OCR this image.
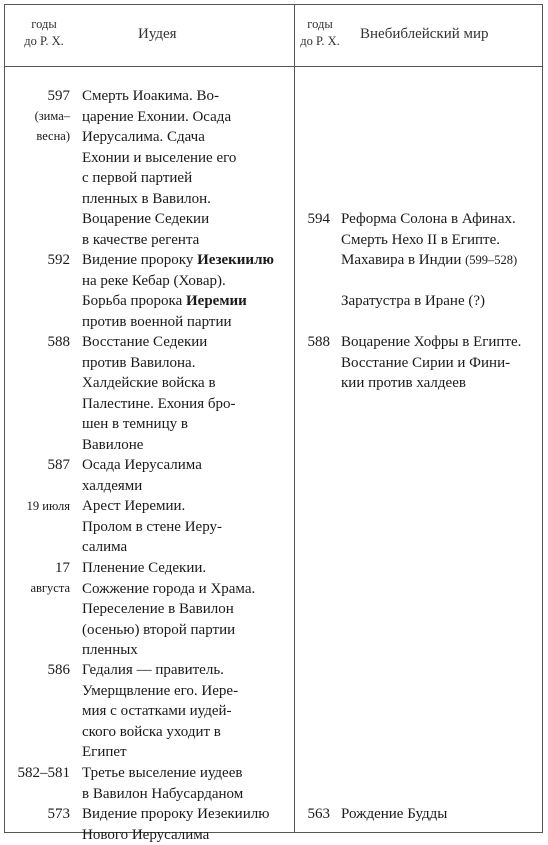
годы
до Р. Х.	Иудея
годы
до Р. Х.	Внебиблейский мир
597
(зима–
весна)
Смерть Иоакима. Во-
царение Ехонии. Осада
Иерусалима. Сдача
Ехонии и выселение его
с первой партией
пленных в Вавилон.
Воцарение Седекии
в качестве регента
592 Видение пророку Иезекиилю
на реке Кебар (Ховар).
Борьба пророка Иеремии
против военной партии
588 Восстание Седекии
против Вавилона.
Халдейские войска в
Палестине. Ехония бро-
шен в темницу в
Вавилоне
587 Осада Иерусалима
халдеями
19 июля Арест Иеремии.
Пролом в стене Иеру-
салима
17
августа
Пленение Седекии.
Сожжение города и Храма.
Переселение в Вавилон
(осенью) второй партии
пленных
586 Гедалия — правитель.
Умерщвление его. Иере-
мия с остатками иудей-
ского войска уходит в
Египет
582–581 Третье выселение иудеев
в Вавилон Набусарданом
573 Видение пророку Иезекиилю
Нового Иерусалима
594 Реформа Солона в Афинах.
Смерть Нехо II в Египте.
Махавира в Индии (599–528)
Заратустра в Иране (?)
588 Воцарение Хофры в Египте.
Восстание Сирии и Фини-
кии против халдеев
563 Рождение Будды
